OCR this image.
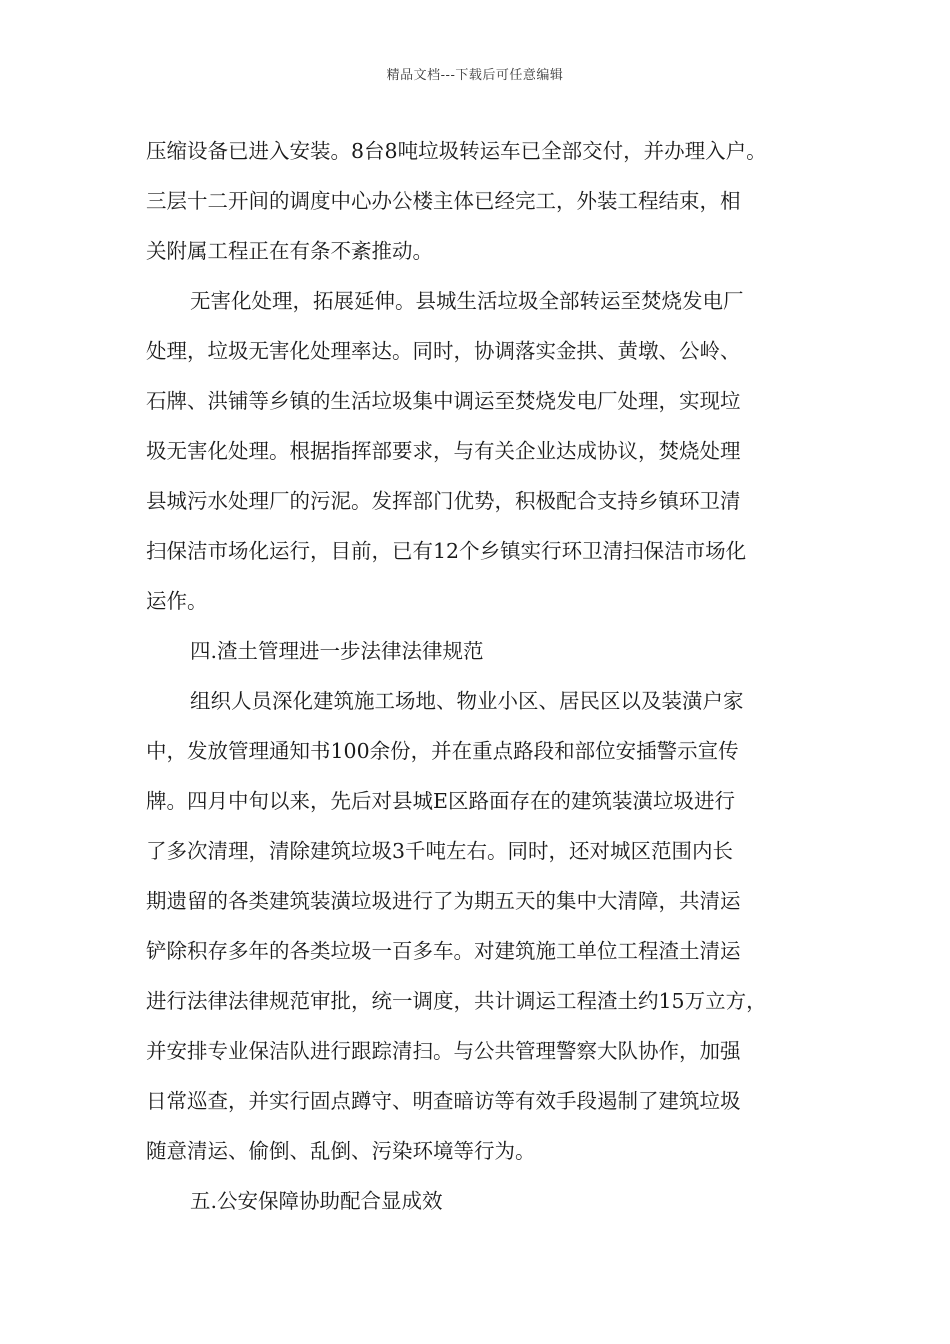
精品文档---下载后可任意编辑
压缩设备已进入安装。8台8吨垃圾转运车已全部交付，并办理入户。
三层十二开间的调度中心办公楼主体已经完工，外装工程结束，相
关附属工程正在有条不紊推动。
无害化处理，拓展延伸。县城生活垃圾全部转运至焚烧发电厂
处理，垃圾无害化处理率达。同时，协调落实金拱、黄墩、公岭、
石牌、洪铺等乡镇的生活垃圾集中调运至焚烧发电厂处理，实现垃
圾无害化处理。根据指挥部要求，与有关企业达成协议，焚烧处理
县城污水处理厂的污泥。发挥部门优势，积极配合支持乡镇环卫清
扫保洁市场化运行，目前，已有12个乡镇实行环卫清扫保洁市场化
运作。
四.渣土管理进一步法律法律规范
组织人员深化建筑施工场地、物业小区、居民区以及装潢户家
中，发放管理通知书100余份，并在重点路段和部位安插警示宣传
牌。四月中旬以来，先后对县城E区路面存在的建筑装潢垃圾进行
了多次清理，清除建筑垃圾3千吨左右。同时，还对城区范围内长
期遗留的各类建筑装潢垃圾进行了为期五天的集中大清障，共清运
铲除积存多年的各类垃圾一百多车。对建筑施工单位工程渣土清运
进行法律法律规范审批，统一调度，共计调运工程渣土约15万立方，
并安排专业保洁队进行跟踪清扫。与公共管理警察大队协作，加强
日常巡查，并实行固点蹲守、明查暗访等有效手段遏制了建筑垃圾
随意清运、偷倒、乱倒、污染环境等行为。
五.公安保障协助配合显成效
